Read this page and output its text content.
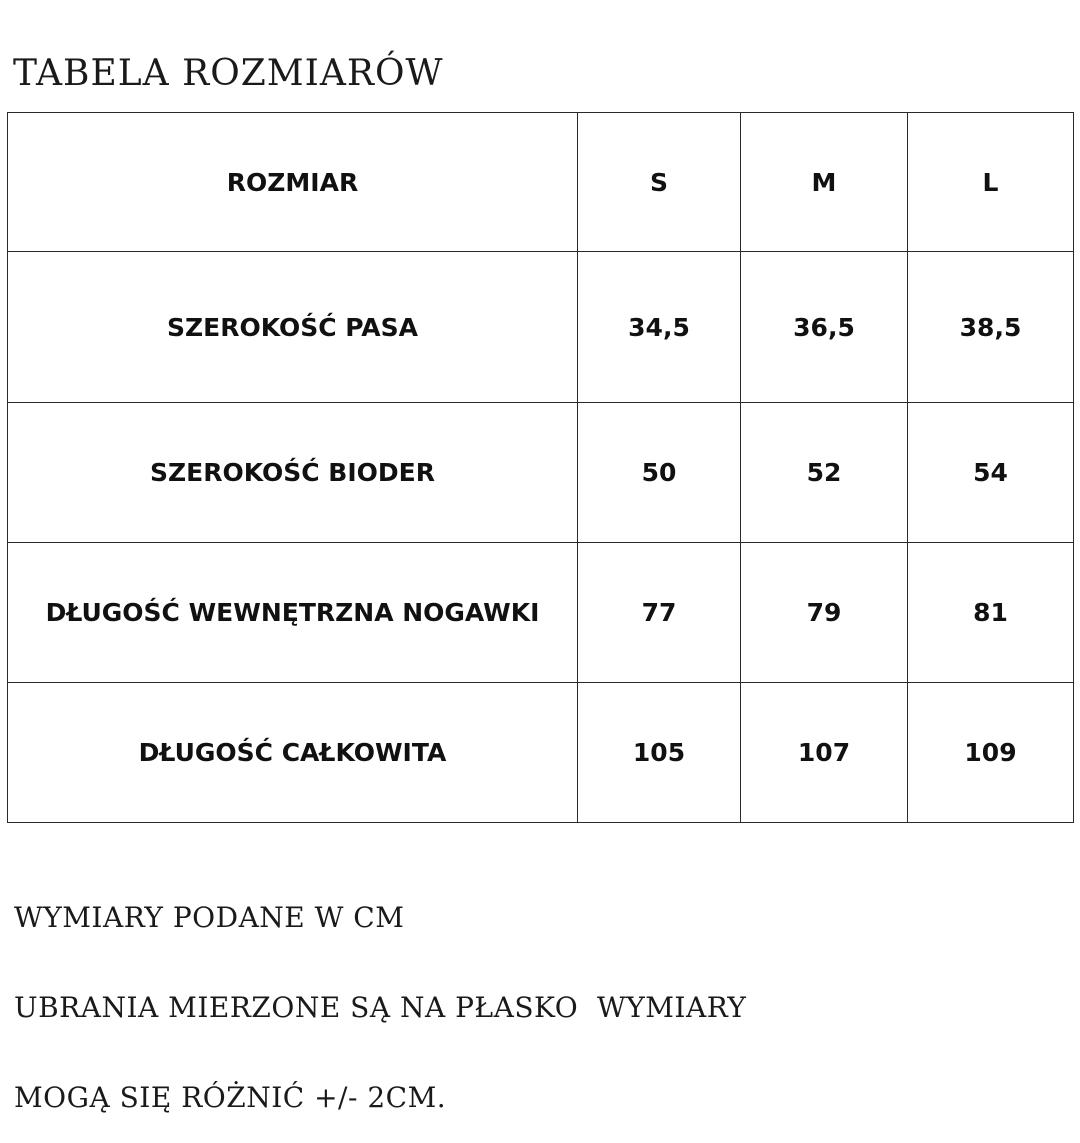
TABELA ROZMIARÓW
ROZMIAR	S	M	L
SZEROKOŚĆ PASA	34,5	36,5	38,5
SZEROKOŚĆ BIODER	50	52	54
DŁUGOŚĆ WEWNĘTRZNA NOGAWKI	77	79	81
DŁUGOŚĆ CAŁKOWITA	105	107	109

WYMIARY PODANE W CM

UBRANIA MIERZONE SĄ NA PŁASKO  WYMIARY

MOGĄ SIĘ RÓŻNIĆ +/- 2CM.
